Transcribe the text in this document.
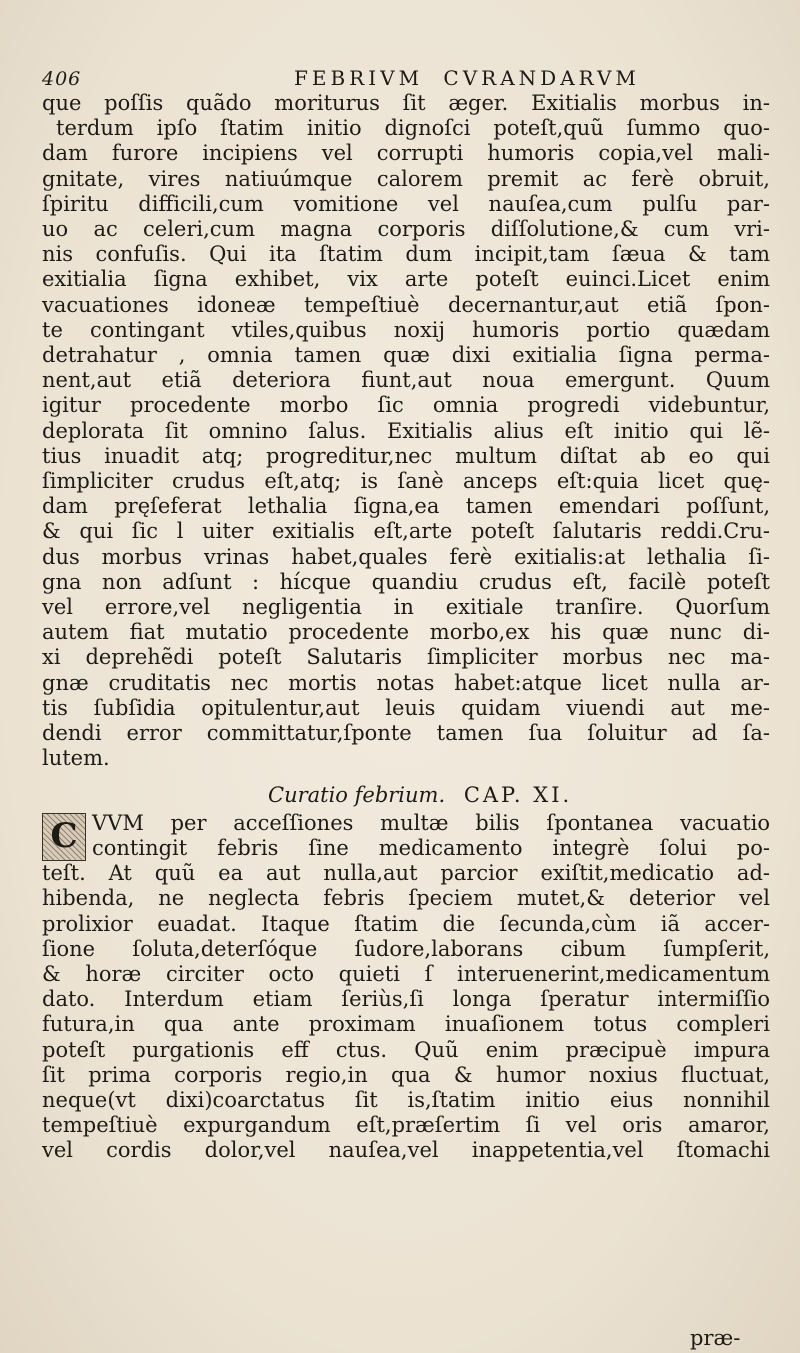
406	FEBRIVM CVRANDARVM
que poſſis quãdo moriturus ſit æger. Exitialis morbus in-
terdum ipſo ſtatim initio dignoſci poteſt,quũ ſummo quo-
dam furore incipiens vel corrupti humoris copia,vel mali-
gnitate, vires natiuúmque calorem premit ac ferè obruit,
ſpiritu difficili,cum vomitione vel nauſea,cum pulſu par-
uo ac celeri,cum magna corporis diſſolutione,& cum vri-
nis confuſis. Qui ita ſtatim dum incipit,tam ſæua & tam
exitialia ſigna exhibet, vix arte poteſt euinci.Licet enim
vacuationes idoneæ tempeſtiuè decernantur,aut etiã ſpon-
te contingant vtiles,quibus noxij humoris portio quædam
detrahatur , omnia tamen quæ dixi exitialia ſigna perma-
nent,aut etiã deteriora fiunt,aut noua emergunt. Quum
igitur procedente morbo ſic omnia progredi videbuntur,
deplorata ſit omnino ſalus. Exitialis alius eſt initio qui lẽ-
tius inuadit atq; progreditur,nec multum diſtat ab eo qui
ſimpliciter crudus eſt,atq; is ſanè anceps eſt:quia licet quę-
dam pręſeferat lethalia ſigna,ea tamen emendari poſſunt,
& qui ſic l uiter exitialis eſt,arte poteſt ſalutaris reddi.Cru-
dus morbus vrinas habet,quales ferè exitialis:at lethalia ſi-
gna non adſunt : hícque quandiu crudus eſt, facilè poteſt
vel errore,vel negligentia in exitiale tranſire. Quorſum
autem fiat mutatio procedente morbo,ex his quæ nunc di-
xi deprehẽdi poteſt Salutaris ſimpliciter morbus nec ma-
gnæ cruditatis nec mortis notas habet:atque licet nulla ar-
tis ſubſidia opitulentur,aut leuis quidam viuendi aut me-
dendi error committatur,ſponte tamen ſua ſoluitur ad ſa-
lutem.
Curatio febrium. CAP. XI.
C VVM per acceſſiones multæ bilis ſpontanea vacuatio
contingit febris ſine medicamento integrè ſolui po-
teſt. At quũ ea aut nulla,aut parcior exiſtit,medicatio ad-
hibenda, ne neglecta febris ſpeciem mutet,& deterior vel
prolixior euadat. Itaque ſtatim die ſecunda,cùm iã accer-
ſione ſoluta,deterſóque ſudore,laborans cibum ſumpſerit,
& horæ circiter octo quieti ſ interuenerint,medicamentum
dato. Interdum etiam ſeriùs,ſi longa ſperatur intermiſſio
futura,in qua ante proximam inuaſionem totus compleri
poteſt purgationis eff ctus. Quũ enim præcipuè impura
ſit prima corporis regio,in qua & humor noxius fluctuat,
neque(vt dixi)coarctatus ſit is,ſtatim initio eius nonnihil
tempeſtiuè expurgandum eſt,præſertim ſi vel oris amaror,
vel cordis dolor,vel nauſea,vel inappetentia,vel ſtomachi
præ-
